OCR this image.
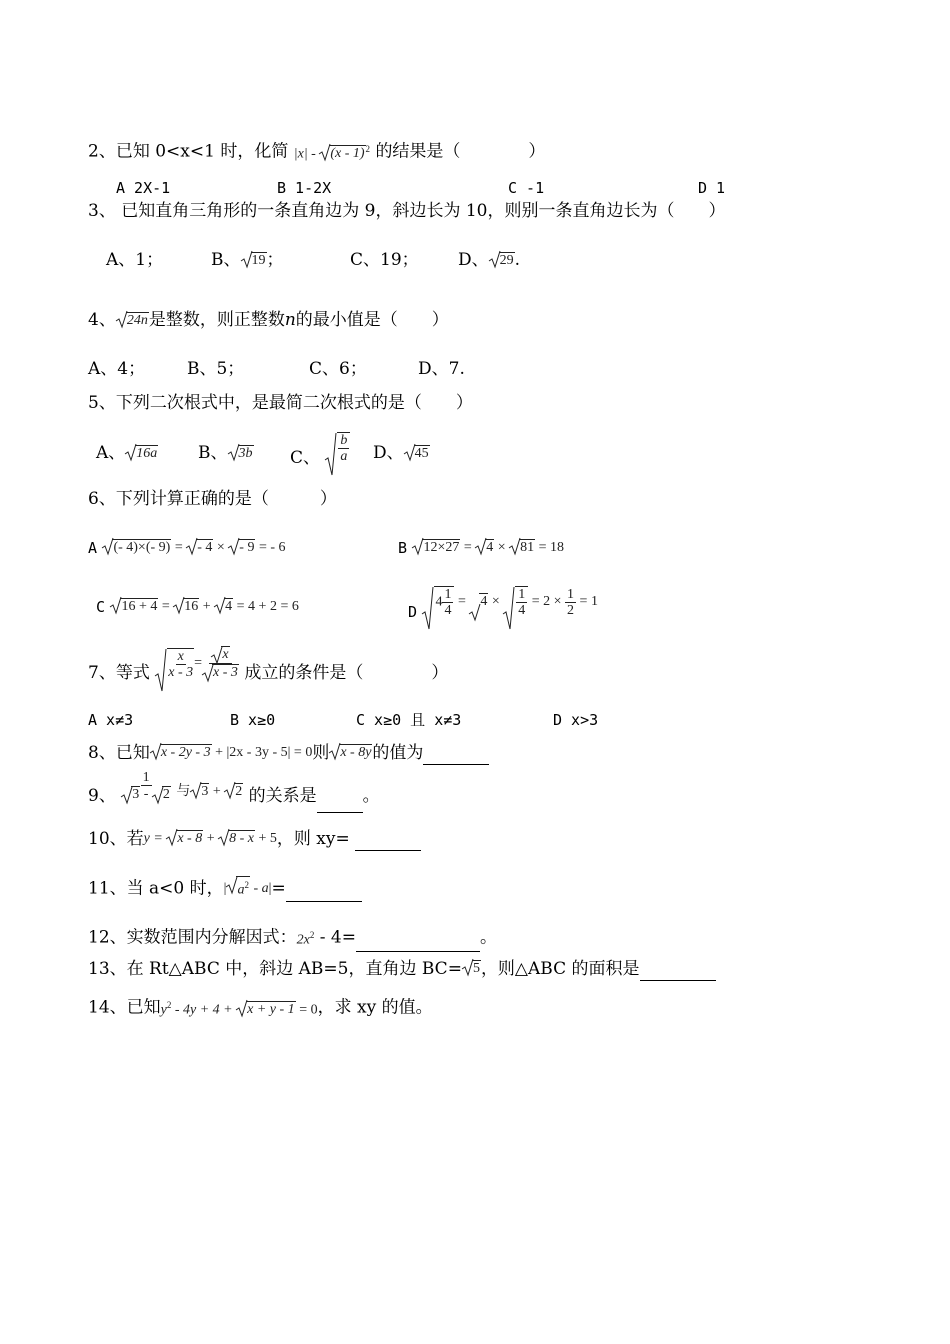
2、已知 0<x<1 时，化简 |x| -
(x - 1)$^2$ 的结果是（　　　　）
A 2X-1	B 1-2X	C -1	D 1
3、 已知直角三角形的一条直角边为 9，斜边长为 10，则别一条直角边长为（　　）
A、1；	B、 19；	C、19； D、 29.
4、 24n是整数，则正整数n的最小值是（　　）
A、4； B、5；	C、6；	D、7.
5、下列二次根式中，是最简二次根式的是（　　）
A、 16a B、 3b C、 $\frac{b}{a}$ D、 45
6、下列计算正确的是（　　　）
A (- 4)×(- 9) =
- 4 ×
- 9 = - 6	B 12×27 =
4 ×
81 = 18
C 16 + 4 =
16 +
4 = 4 + 2 = 6	D
$4 \frac{1}{4}$ =
$4 \times \frac{1}{4} = 2 \times \frac{1}{2} = 1$
7、等式 $\frac{x}{x - 3} = \frac{x}{x - 3}$ 成立的条件是（　　　　）
A x≠3	B x≥0	C x≥0 且 x≠3	D x>3
8、已知 x - 2y - 3 + |2x - 3y - 5| = 0则 x - 8y的值为
9、 1
3 -
2 与 3 +
2 的关系是	。
10、若y =
x - 8 +
8 - x + 5，则 xy=
11、当 a<0 时，| $a^2 - a|=$
12、实数范围内分解因式：$2x^2 - 4=$	。
13、在 Rt△ABC 中，斜边 AB=5，直角边 BC= 5，则△ABC 的面积是
14、已知$y^2 - 4y + 4$ +
x + y - 1 = 0，求 xy 的值。
